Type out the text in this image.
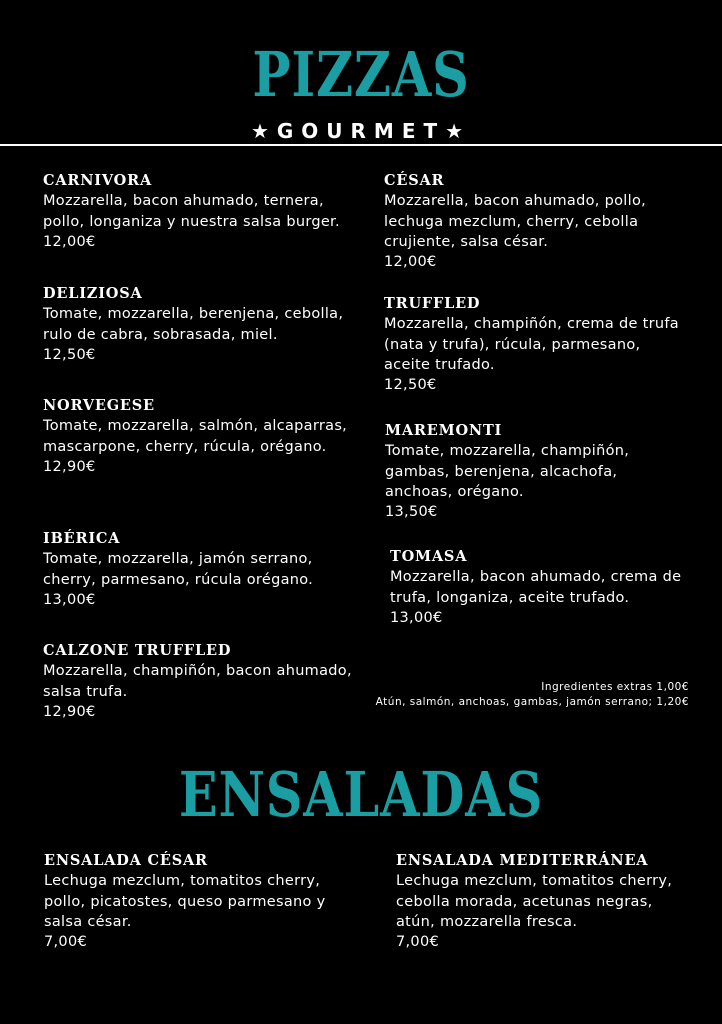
PIZZAS
★GOURMET★
CARNIVORA
Mozzarella, bacon ahumado, ternera, pollo, longaniza y nuestra salsa burger.
12,00€
DELIZIOSA
Tomate, mozzarella, berenjena, cebolla, rulo de cabra, sobrasada, miel.
12,50€
NORVEGESE
Tomate, mozzarella, salmón, alcaparras, mascarpone, cherry, rúcula, orégano.
12,90€
IBÉRICA
Tomate, mozzarella, jamón serrano, cherry, parmesano, rúcula orégano.
13,00€
CALZONE TRUFFLED
Mozzarella, champiñón, bacon ahumado, salsa trufa.
12,90€
CÉSAR
Mozzarella, bacon ahumado, pollo, lechuga mezclum, cherry, cebolla crujiente, salsa césar.
12,00€
TRUFFLED
Mozzarella, champiñón, crema de trufa (nata y trufa), rúcula, parmesano, aceite trufado.
12,50€
MAREMONTI
Tomate, mozzarella, champiñón, gambas, berenjena, alcachofa, anchoas, orégano.
13,50€
TOMASA
Mozzarella, bacon ahumado, crema de trufa, longaniza, aceite trufado.
13,00€
Ingredientes extras 1,00€
Atún, salmón, anchoas, gambas, jamón serrano; 1,20€
ENSALADAS
ENSALADA CÉSAR
Lechuga mezclum, tomatitos cherry, pollo, picatostes, queso parmesano y salsa césar.
7,00€
ENSALADA MEDITERRÁNEA
Lechuga mezclum, tomatitos cherry, cebolla morada, acetunas negras, atún, mozzarella fresca.
7,00€
